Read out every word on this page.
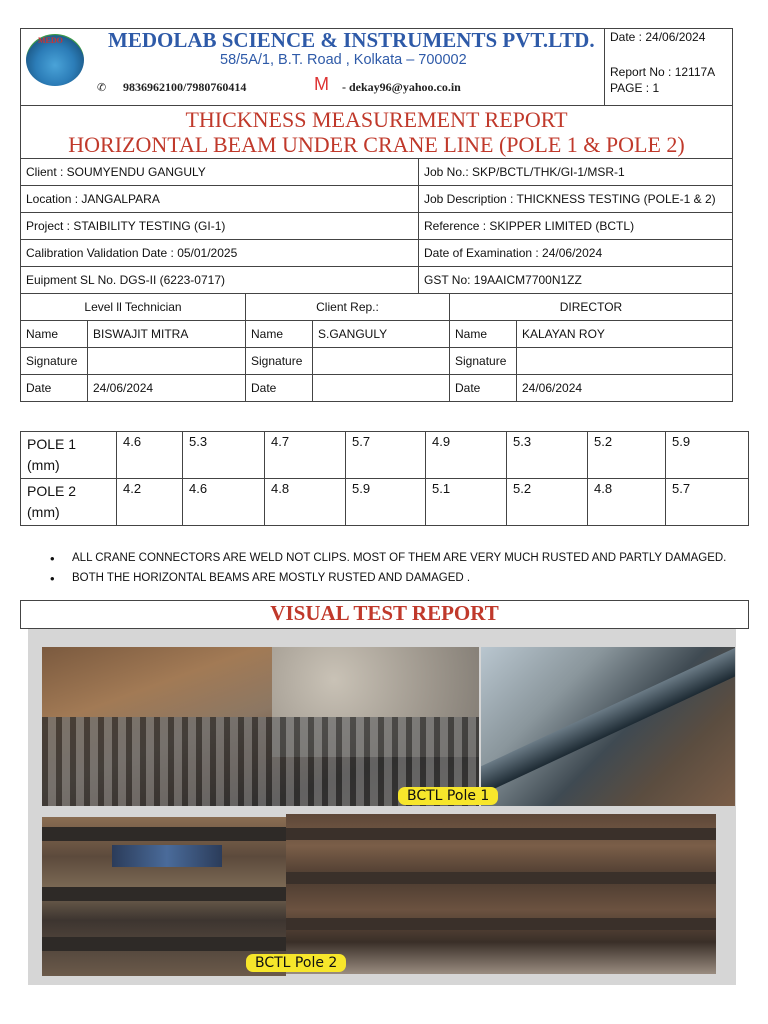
MEDO MEDOLAB SCIENCE & INSTRUMENTS PVT.LTD.
58/5A/1, B.T. Road , Kolkata – 700002
✆ 9836962100/7980760414	M - dekay96@yahoo.co.in
Date : 24/06/2024
Report No : 12117A
PAGE : 1
THICKNESS MEASUREMENT REPORT
HORIZONTAL BEAM UNDER CRANE LINE (POLE 1 & POLE 2)
Client : SOUMYENDU GANGULY	Job No.: SKP/BCTL/THK/GI-1/MSR-1
Location : JANGALPARA	Job Description : THICKNESS TESTING (POLE-1 & 2)
Project : STAIBILITY TESTING (GI-1)	Reference : SKIPPER LIMITED (BCTL)
Calibration Validation Date : 05/01/2025	Date of Examination : 24/06/2024
Euipment SL No. DGS-II (6223-0717)	GST No: 19AAICM7700N1ZZ
Level ll Technician		Client Rep.:		DIRECTOR	
Name	BISWAJIT MITRA	Name	S.GANGULY	Name	KALAYAN ROY
Signature		Signature		Signature	
Date	24/06/2024	Date		Date	24/06/2024
POLE 1 (mm)	4.6	5.3	4.7	5.7	4.9	5.3	5.2	5.9
POLE 2 (mm)	4.2	4.6	4.8	5.9	5.1	5.2	4.8	5.7
• ALL CRANE CONNECTORS ARE WELD NOT CLIPS. MOST OF THEM ARE VERY MUCH RUSTED AND PARTLY DAMAGED.
• BOTH THE HORIZONTAL BEAMS ARE MOSTLY RUSTED AND DAMAGED .
VISUAL TEST REPORT
BCTL Pole 1
BCTL Pole 2
